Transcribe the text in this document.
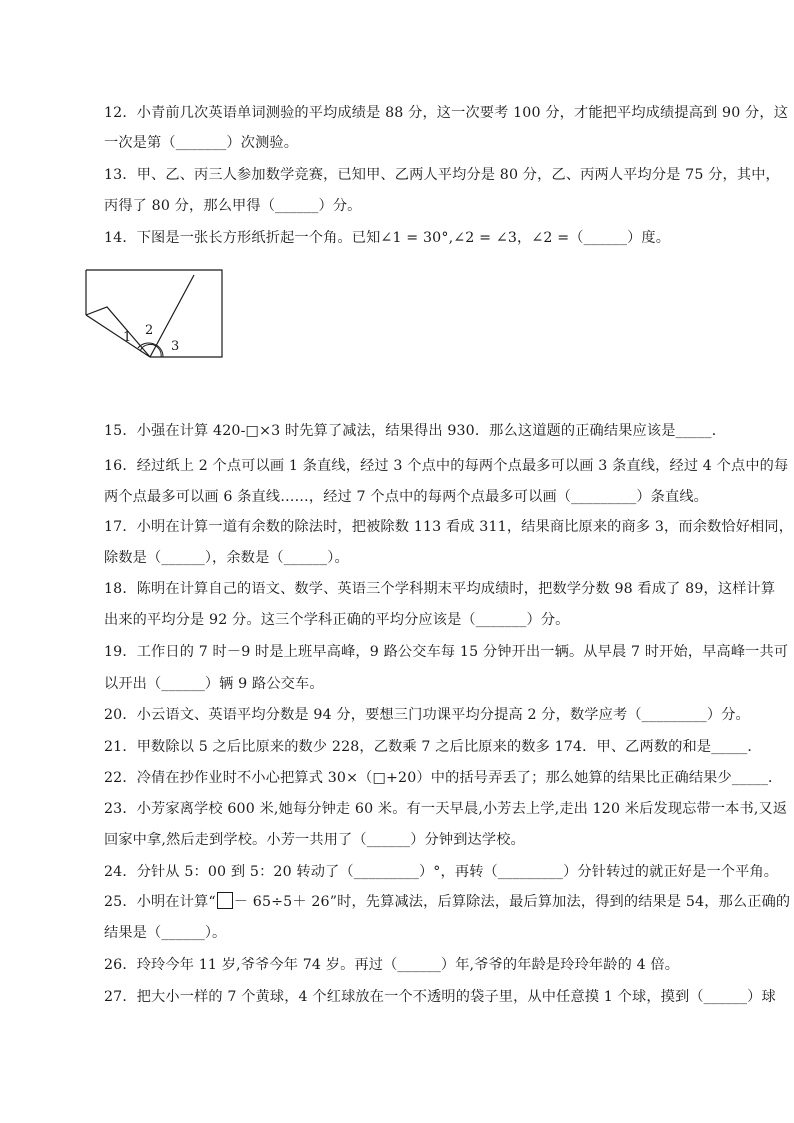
12．小青前几次英语单词测验的平均成绩是 88 分，这一次要考 100 分，才能把平均成绩提高到 90 分，这
一次是第（_______）次测验。
13．甲、乙、丙三人参加数学竞赛，已知甲、乙两人平均分是 80 分，乙、丙两人平均分是 75 分，其中，
丙得了 80 分，那么甲得（______）分。
14．下图是一张长方形纸折起一个角。已知∠1 = 30°,∠2 = ∠3，∠2 =（______）度。
1 2
3
15．小强在计算 420-□×3 时先算了减法，结果得出 930．那么这道题的正确结果应该是_____．
16．经过纸上 2 个点可以画 1 条直线，经过 3 个点中的每两个点最多可以画 3 条直线，经过 4 个点中的每
两个点最多可以画 6 条直线……，经过 7 个点中的每两个点最多可以画（_________）条直线。
17．小明在计算一道有余数的除法时，把被除数 113 看成 311，结果商比原来的商多 3，而余数恰好相同，
除数是（______），余数是（______）。
18．陈明在计算自己的语文、数学、英语三个学科期末平均成绩时，把数学分数 98 看成了 89，这样计算
出来的平均分是 92 分。这三个学科正确的平均分应该是（_______）分。
19．工作日的 7 时－9 时是上班早高峰，9 路公交车每 15 分钟开出一辆。从早晨 7 时开始，早高峰一共可
以开出（______）辆 9 路公交车。
20．小云语文、英语平均分数是 94 分，要想三门功课平均分提高 2 分，数学应考（_________）分。
21．甲数除以 5 之后比原来的数少 228，乙数乘 7 之后比原来的数多 174．甲、乙两数的和是_____．
22．冷倩在抄作业时不小心把算式 30×（□+20）中的括号弄丢了；那么她算的结果比正确结果少_____．
23．小芳家离学校 600 米,她每分钟走 60 米。有一天早晨,小芳去上学,走出 120 米后发现忘带一本书,又返
回家中拿,然后走到学校。小芳一共用了（______）分钟到达学校。
24．分针从 5：00 到 5：20 转动了（_________）°，再转（_________）分针转过的就正好是一个平角。
25．小明在计算“ － 65÷5＋ 26”时，先算减法，后算除法，最后算加法，得到的结果是 54，那么正确的
结果是（______）。
26．玲玲今年 11 岁,爷爷今年 74 岁。再过（______）年,爷爷的年龄是玲玲年龄的 4 倍。
27．把大小一样的 7 个黄球，4 个红球放在一个不透明的袋子里，从中任意摸 1 个球，摸到（______）球
